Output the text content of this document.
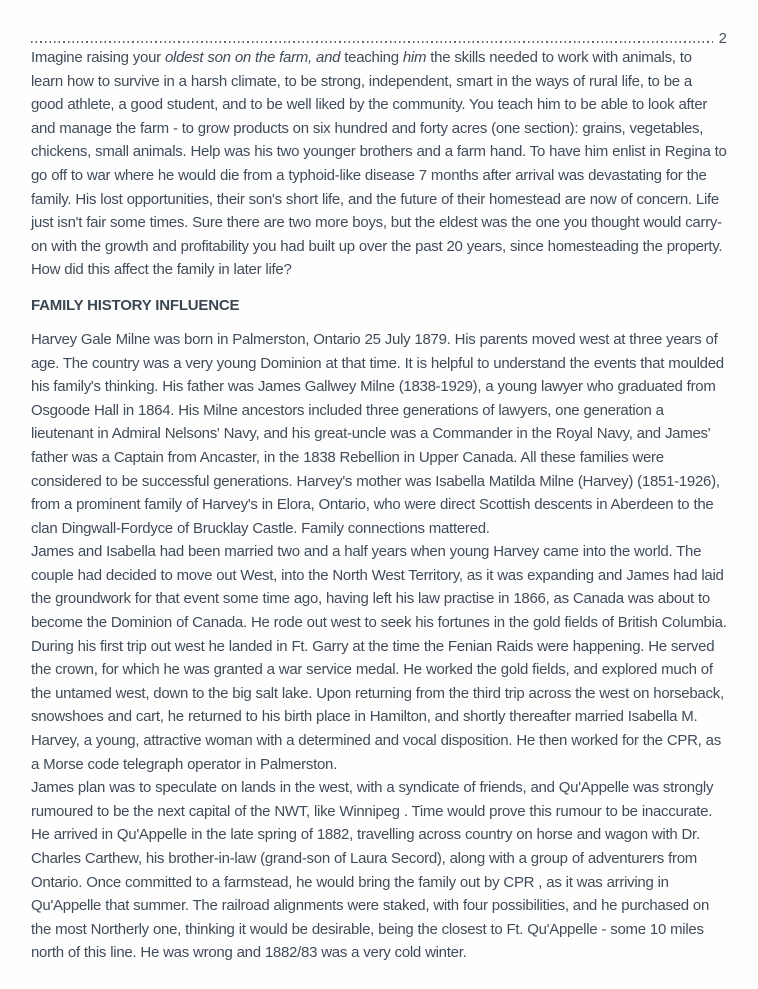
2

Imagine raising your oldest son on the farm, and teaching him the skills needed to work with animals, to learn how to survive in a harsh climate, to be strong, independent, smart in the ways of rural life, to be a good athlete, a good student, and to be well liked by the community. You teach him to be able to look after and manage the farm - to grow products on six hundred and forty acres (one section): grains, vegetables, chickens, small animals. Help was his two younger brothers and a farm hand. To have him enlist in Regina to go off to war where he would die from a typhoid-like disease 7 months after arrival was devastating for the family. His lost opportunities, their son's short life, and the future of their homestead are now of concern. Life just isn't fair some times. Sure there are two more boys, but the eldest was the one you thought would carry-on with the growth and profitability you had built up over the past 20 years, since homesteading the property. How did this affect the family in later life?

FAMILY HISTORY INFLUENCE

Harvey Gale Milne was born in Palmerston, Ontario 25 July 1879. His parents moved west at three years of age. The country was a very young Dominion at that time. It is helpful to understand the events that moulded his family's thinking. His father was James Gallwey Milne (1838-1929), a young lawyer who graduated from Osgoode Hall in 1864. His Milne ancestors included three generations of lawyers, one generation a lieutenant in Admiral Nelsons' Navy, and his great-uncle was a Commander in the Royal Navy, and James' father was a Captain from Ancaster, in the 1838 Rebellion in Upper Canada. All these families were considered to be successful generations. Harvey's mother was Isabella Matilda Milne (Harvey) (1851-1926), from a prominent family of Harvey's in Elora, Ontario, who were direct Scottish descents in Aberdeen to the clan Dingwall-Fordyce of Brucklay Castle. Family connections mattered.

James and Isabella had been married two and a half years when young Harvey came into the world. The couple had decided to move out West, into the North West Territory, as it was expanding and James had laid the groundwork for that event some time ago, having left his law practise in 1866, as Canada was about to become the Dominion of Canada. He rode out west to seek his fortunes in the gold fields of British Columbia. During his first trip out west he landed in Ft. Garry at the time the Fenian Raids were happening. He served the crown, for which he was granted a war service medal. He worked the gold fields, and explored much of the untamed west, down to the big salt lake. Upon returning from the third trip across the west on horseback, snowshoes and cart, he returned to his birth place in Hamilton, and shortly thereafter married Isabella M. Harvey, a young, attractive woman with a determined and vocal disposition. He then worked for the CPR, as a Morse code telegraph operator in Palmerston.

James plan was to speculate on lands in the west, with a syndicate of friends, and Qu'Appelle was strongly rumoured to be the next capital of the NWT, like Winnipeg . Time would prove this rumour to be inaccurate. He arrived in Qu'Appelle in the late spring of 1882, travelling across country on horse and wagon with Dr. Charles Carthew, his brother-in-law (grand-son of Laura Secord), along with a group of adventurers from Ontario. Once committed to a farmstead, he would bring the family out by CPR , as it was arriving in Qu'Appelle that summer. The railroad alignments were staked, with four possibilities, and he purchased on the most Northerly one, thinking it would be desirable, being the closest to Ft. Qu'Appelle - some 10 miles north of this line. He was wrong and 1882/83 was a very cold winter.
